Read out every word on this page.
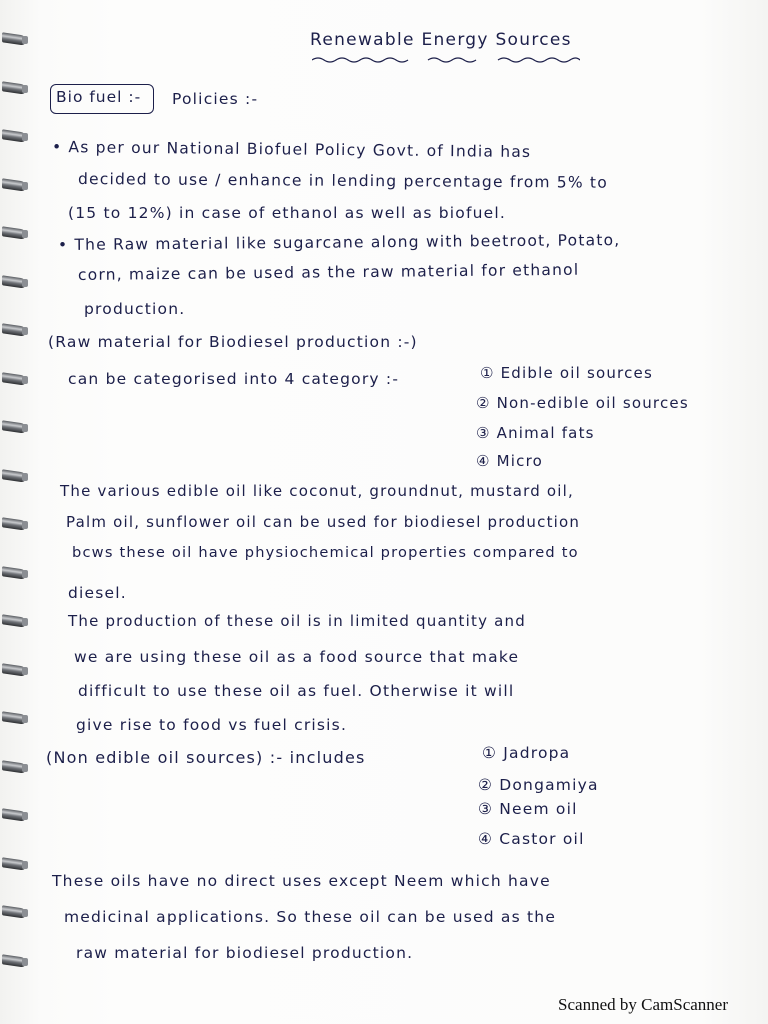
Renewable Energy Sources
Bio fuel :- Policies :-
• As per our National Biofuel Policy Govt. of India has
decided to use / enhance in lending percentage from 5% to
(15 to 12%) in case of ethanol as well as biofuel.
• The Raw material like sugarcane along with beetroot, Potato,
corn, maize can be used as the raw material for ethanol
production.
(Raw material for Biodiesel production :-)
can be categorised into 4 category :-	① Edible oil sources
② Non-edible oil sources
③ Animal fats
④ Micro
The various edible oil like coconut, groundnut, mustard oil,
Palm oil, sunflower oil can be used for biodiesel production
bcws these oil have physiochemical properties compared to
diesel.
The production of these oil is in limited quantity and
we are using these oil as a food source that make
difficult to use these oil as fuel. Otherwise it will
give rise to food vs fuel crisis.
(Non edible oil sources) :- includes	① Jadropa
② Dongamiya
③ Neem oil
④ Castor oil
These oils have no direct uses except Neem which have
medicinal applications. So these oil can be used as the
raw material for biodiesel production.
Scanned by CamScanner
